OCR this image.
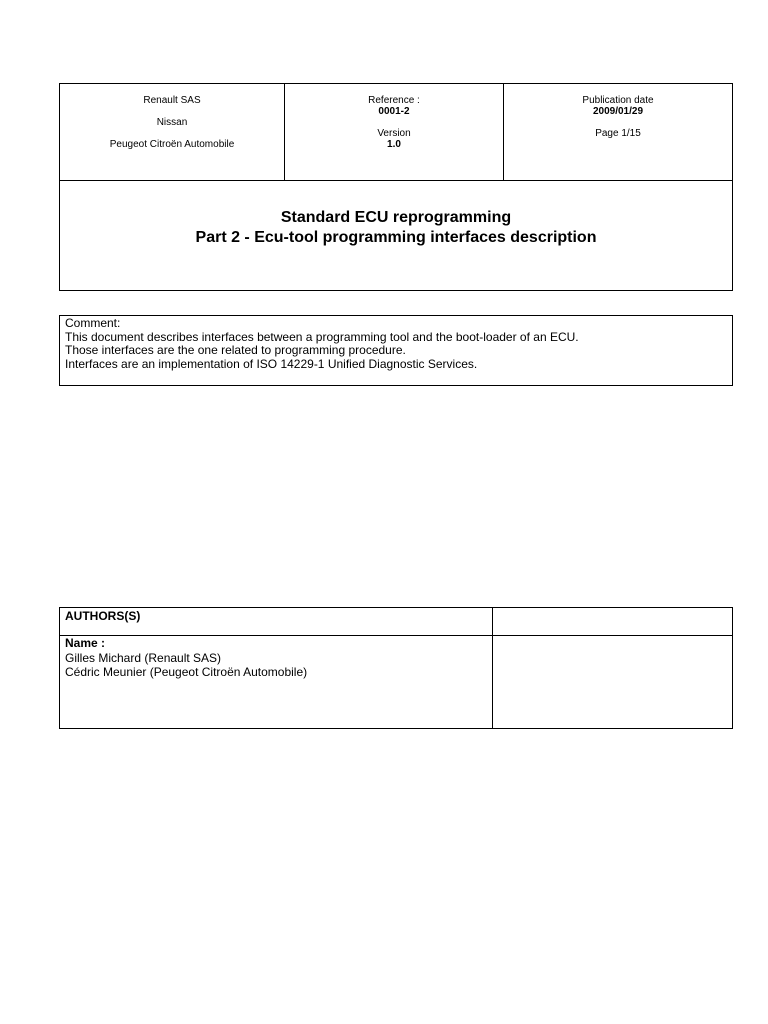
Renault SAS
Nissan
Peugeot Citroën Automobile
Reference :
0001-2
Version
1.0
Publication date
2009/01/29
Page 1/15
Standard ECU reprogramming
Part 2 - Ecu-tool programming interfaces description
Comment:
This document describes interfaces between a programming tool and the boot-loader of an ECU.
Those interfaces are the one related to programming procedure.
Interfaces are an implementation of ISO 14229-1 Unified Diagnostic Services.
AUTHORS(S)
Name :
Gilles Michard (Renault SAS)
Cédric Meunier (Peugeot Citroën Automobile)
